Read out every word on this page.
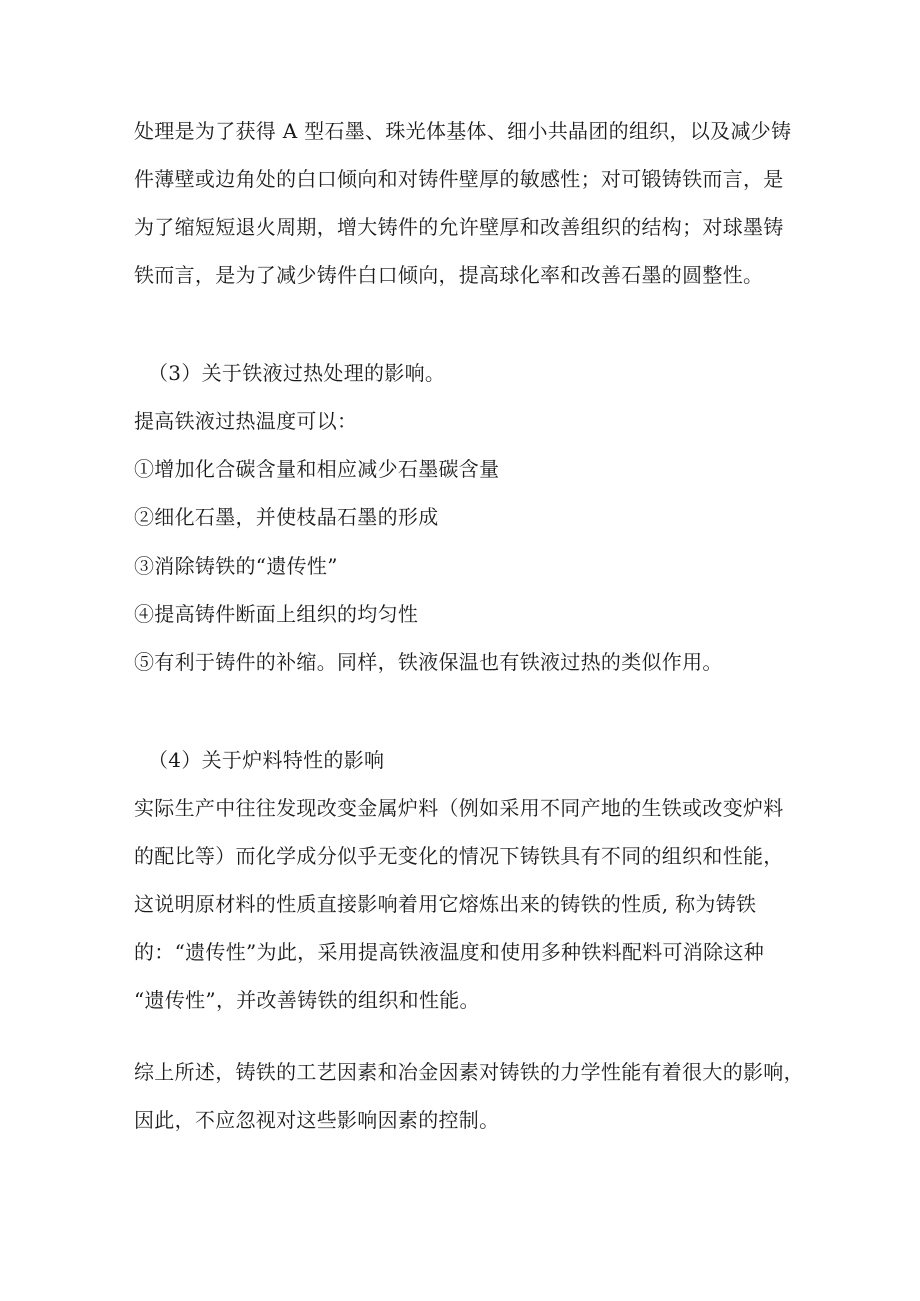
处理是为了获得 A 型石墨、珠光体基体、细小共晶团的组织，以及减少铸
件薄壁或边角处的白口倾向和对铸件壁厚的敏感性；对可锻铸铁而言，是
为了缩短短退火周期，增大铸件的允许壁厚和改善组织的结构；对球墨铸
铁而言，是为了减少铸件白口倾向，提高球化率和改善石墨的圆整性。
（3）关于铁液过热处理的影响。
提高铁液过热温度可以：
①增加化合碳含量和相应减少石墨碳含量
②细化石墨，并使枝晶石墨的形成
③消除铸铁的“遗传性”
④提高铸件断面上组织的均匀性
⑤有利于铸件的补缩。同样，铁液保温也有铁液过热的类似作用。
（4）关于炉料特性的影响
实际生产中往往发现改变金属炉料（例如采用不同产地的生铁或改变炉料
的配比等）而化学成分似乎无变化的情况下铸铁具有不同的组织和性能，
这说明原材料的性质直接影响着用它熔炼出来的铸铁的性质, 称为铸铁
的：“遗传性”为此，采用提高铁液温度和使用多种铁料配料可消除这种
“遗传性”，并改善铸铁的组织和性能。
综上所述，铸铁的工艺因素和冶金因素对铸铁的力学性能有着很大的影响，
因此，不应忽视对这些影响因素的控制。
